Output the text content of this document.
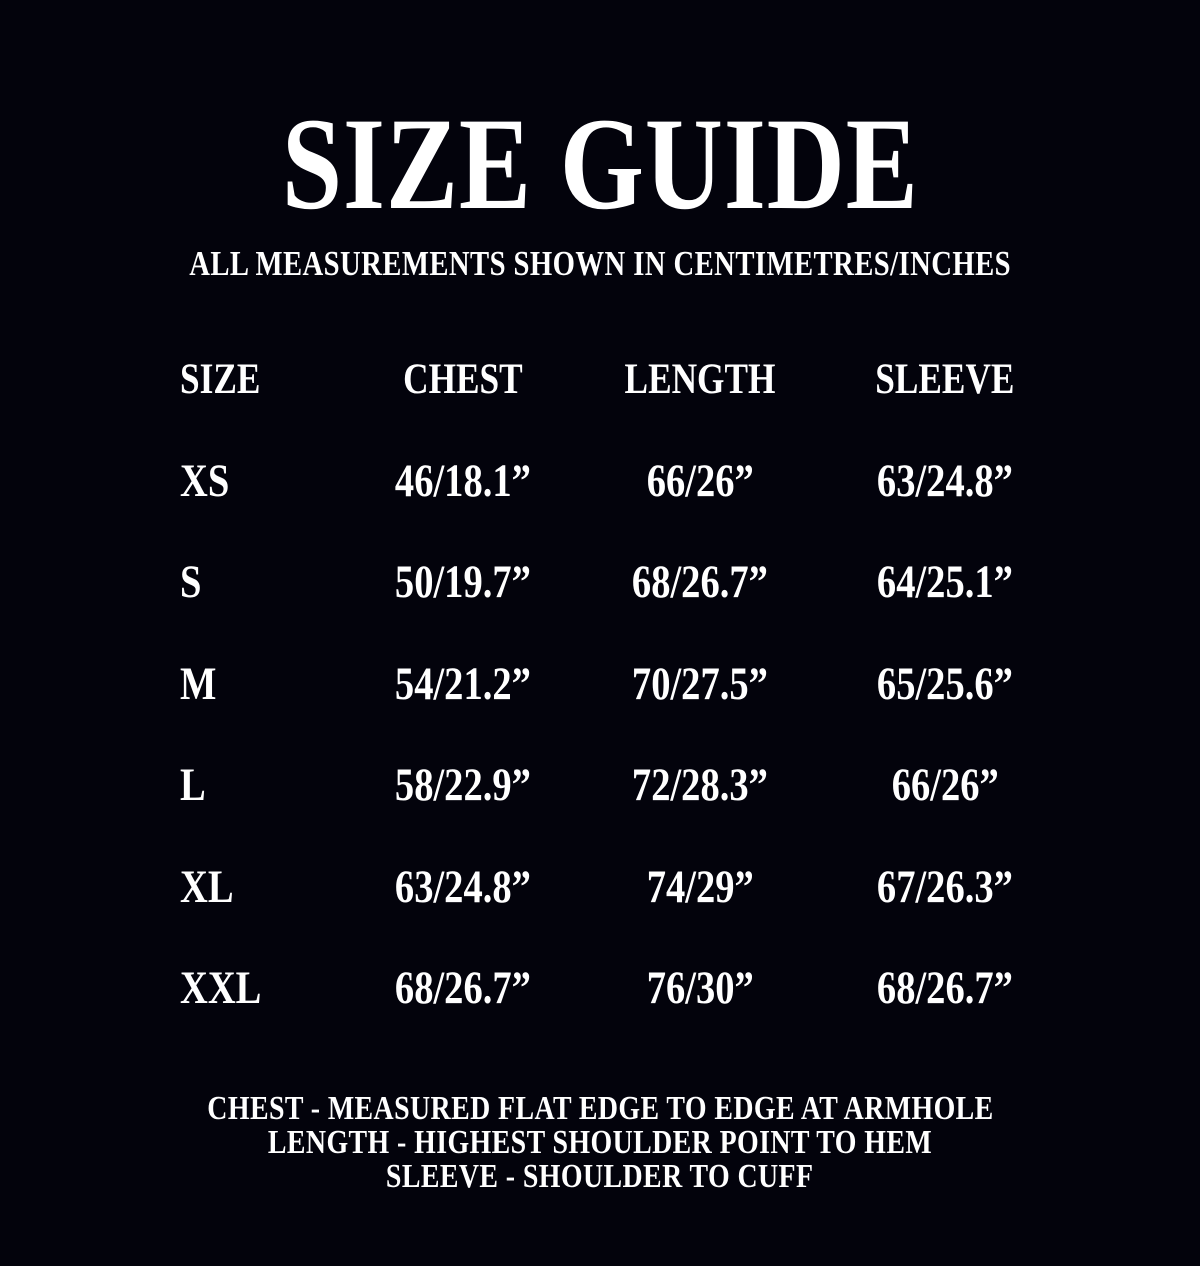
SIZE GUIDE

ALL MEASUREMENTS SHOWN IN CENTIMETRES/INCHES

SIZE	CHEST	LENGTH	SLEEVE
XS	46/18.1”	66/26”	63/24.8”
S	50/19.7”	68/26.7”	64/25.1”
M	54/21.2”	70/27.5”	65/25.6”
L	58/22.9”	72/28.3”	66/26”
XL	63/24.8”	74/29”	67/26.3”
XXL	68/26.7”	76/30”	68/26.7”

CHEST - MEASURED FLAT EDGE TO EDGE AT ARMHOLE

LENGTH - HIGHEST SHOULDER POINT TO HEM

SLEEVE - SHOULDER TO CUFF
